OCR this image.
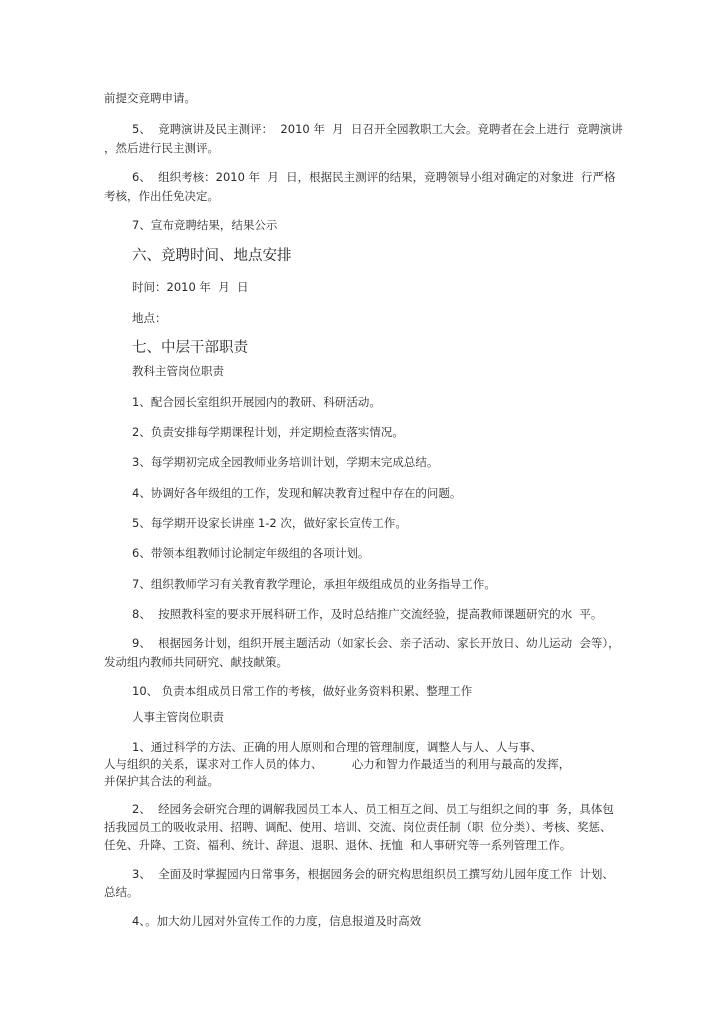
前提交竞聘申请。
5、  竞聘演讲及民主测评：  2010 年  月  日召开全园教职工大会。竞聘者在会上进行  竞聘演讲
，然后进行民主测评。
6、  组织考核：2010 年  月  日，根据民主测评的结果，竞聘领导小组对确定的对象进  行严格
考核，作出任免决定。
7、宣布竞聘结果，结果公示
六、竞聘时间、地点安排
时间：2010 年  月  日
地点：
七、中层干部职责
教科主管岗位职责
1、配合园长室组织开展园内的教研、科研活动。
2、负责安排每学期课程计划，并定期检查落实情况。
3、每学期初完成全园教师业务培训计划，学期末完成总结。
4、协调好各年级组的工作，发现和解决教育过程中存在的问题。
5、每学期开设家长讲座 1-2 次，做好家长宣传工作。
6、带领本组教师讨论制定年级组的各项计划。
7、组织教师学习有关教育教学理论，承担年级组成员的业务指导工作。
8、  按照教科室的要求开展科研工作，及时总结推广交流经验，提高教师课题研究的水  平。
9、  根据园务计划，组织开展主题活动（如家长会、亲子活动、家长开放日、幼儿运动  会等），
发动组内教师共同研究、献技献策。
10、 负责本组成员日常工作的考核，做好业务资料积累、整理工作
人事主管岗位职责
1、通过科学的方法、正确的用人原则和合理的管理制度，调整人与人、人与事、
人与组织的关系，谋求对工作人员的体力、        心力和智力作最适当的利用与最高的发挥，
并保护其合法的利益。
2、  经园务会研究合理的调解我园员工本人、员工相互之间、员工与组织之间的事  务，具体包
括我园员工的吸收录用、招聘、调配、使用、培训、交流、岗位责任制（职  位分类）、考核、奖惩、
任免、升降、工资、福利、统计、辞退、退职、退休、抚恤  和人事研究等一系列管理工作。
3、  全面及时掌握园内日常事务，根据园务会的研究构思组织员工撰写幼儿园年度工作  计划、
总结。
4、。加大幼儿园对外宣传工作的力度，信息报道及时高效
